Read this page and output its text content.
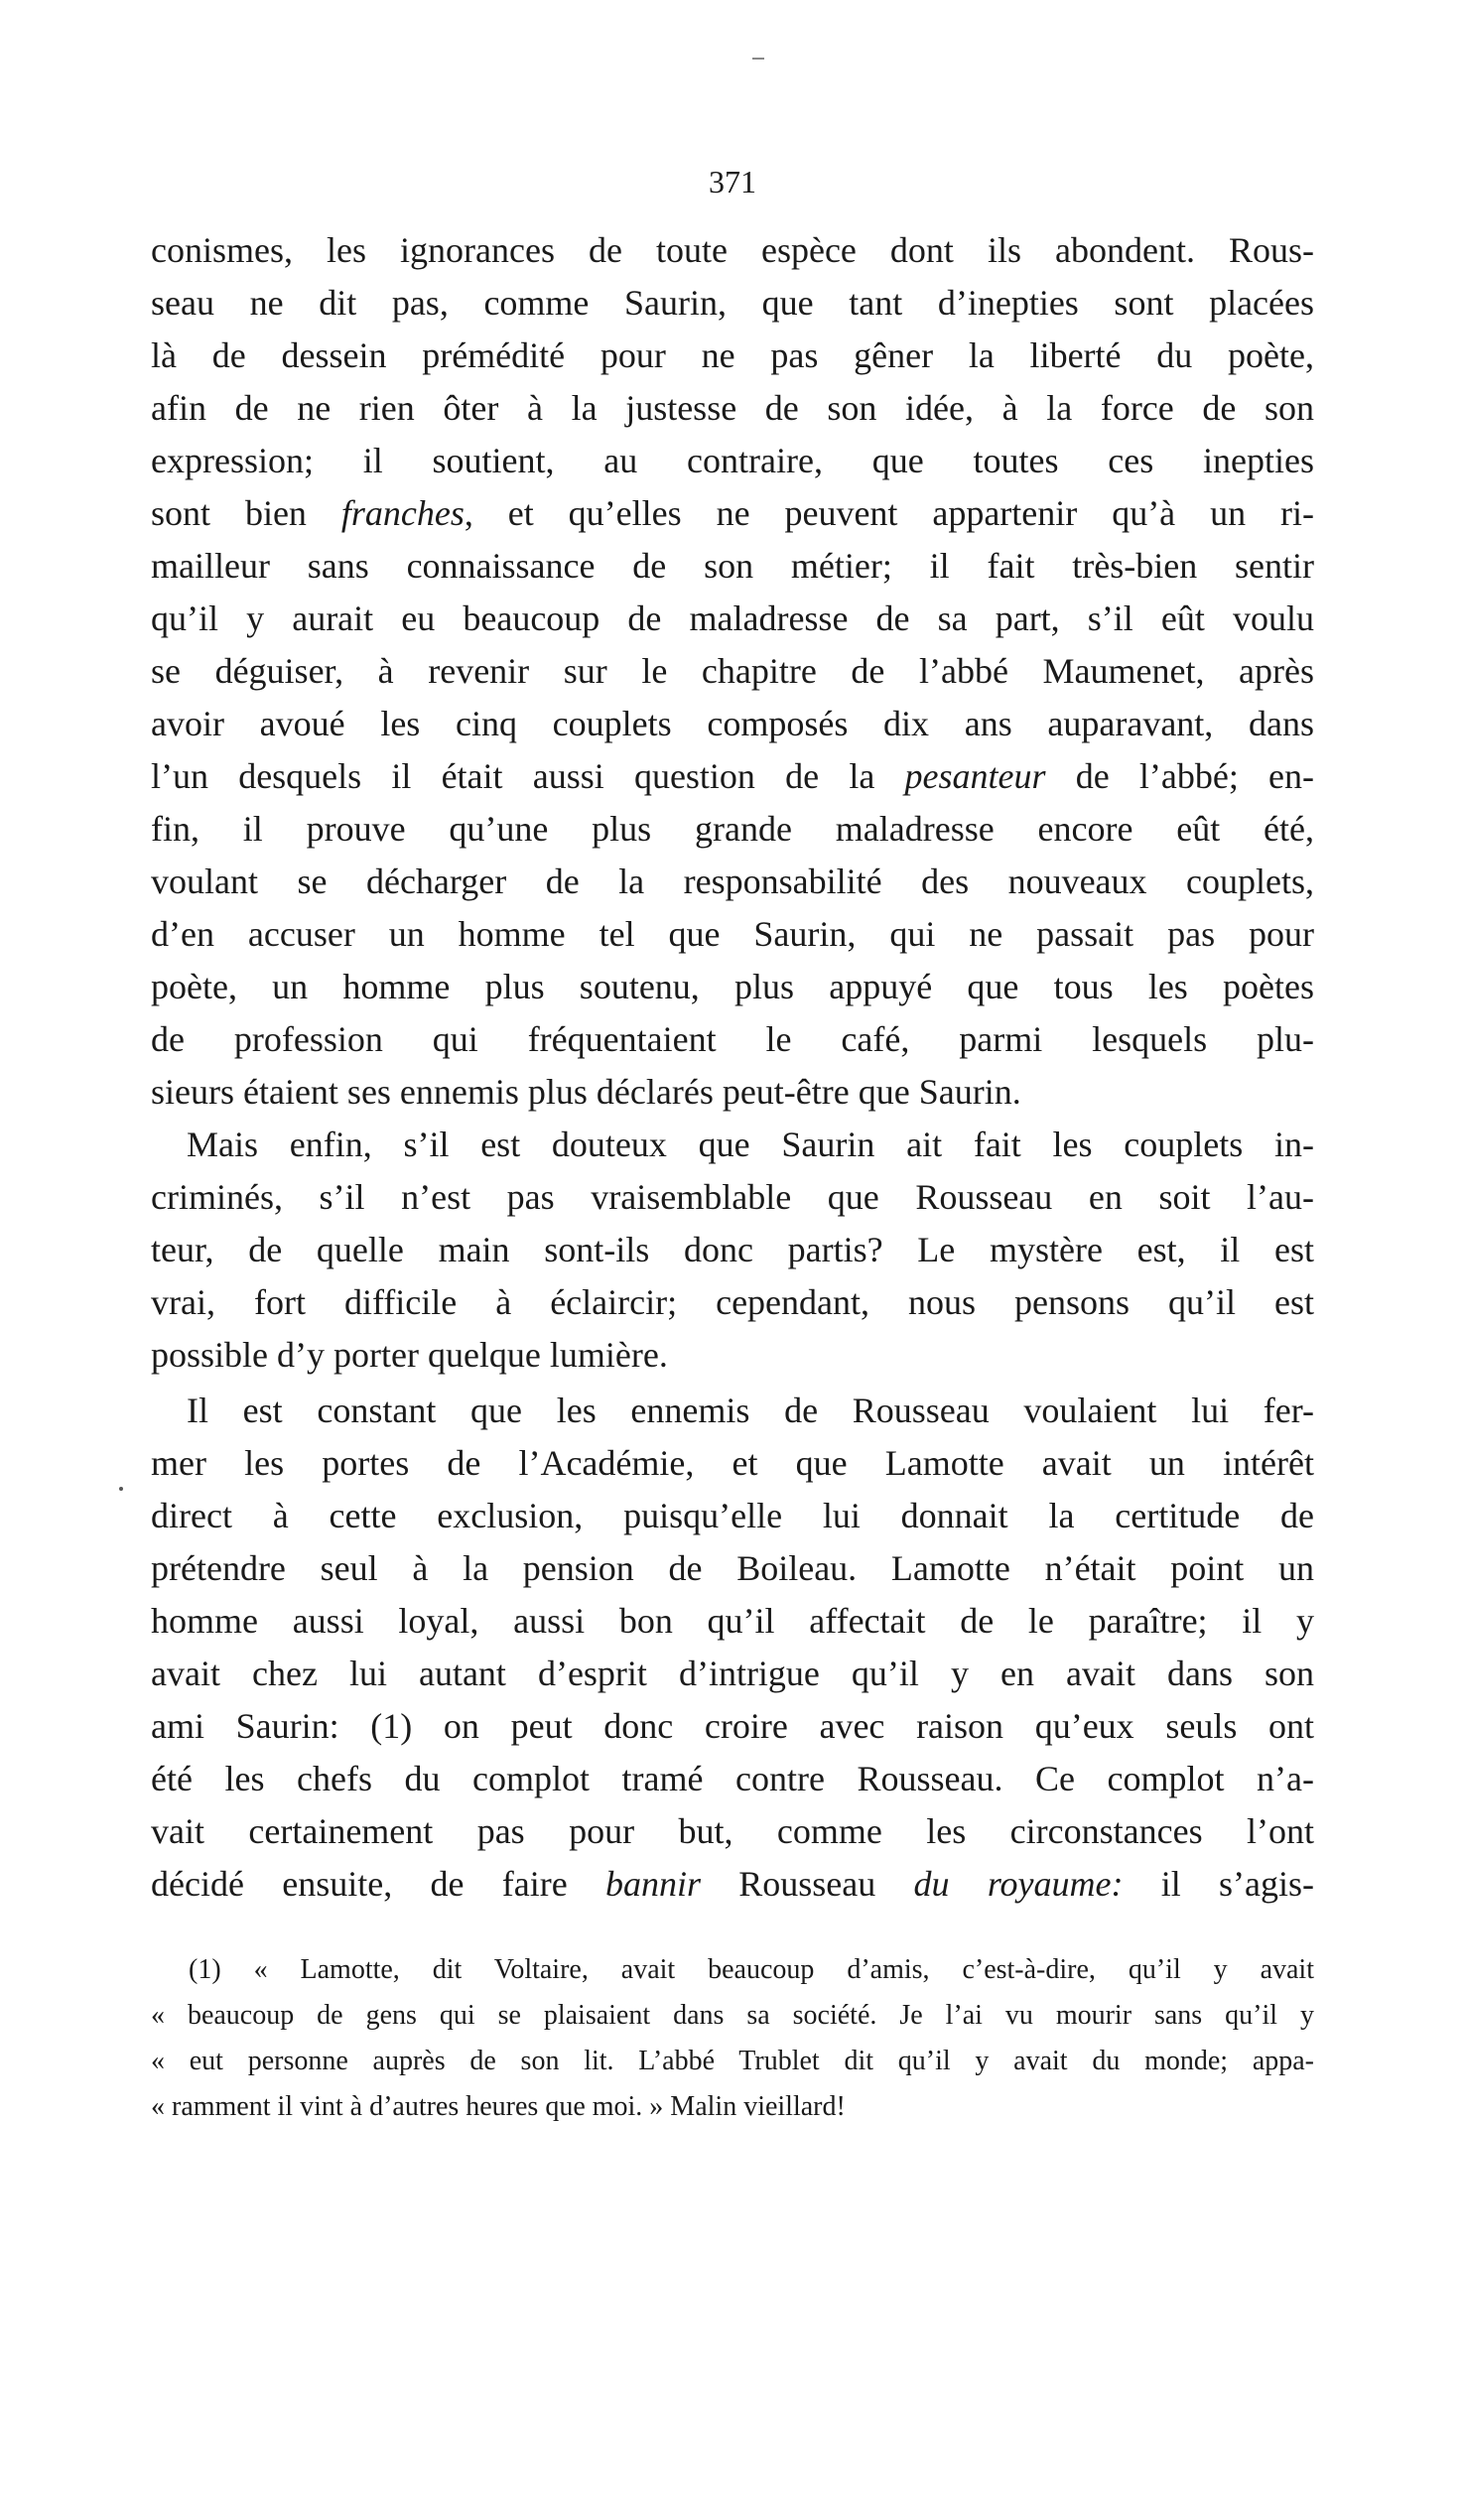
371
conismes, les ignorances de toute espèce dont ils abondent. Rous-
seau ne dit pas, comme Saurin, que tant d’inepties sont placées
là de dessein prémédité pour ne pas gêner la liberté du poète,
afin de ne rien ôter à la justesse de son idée, à la force de son
expression; il soutient, au contraire, que toutes ces inepties
sont bien franches, et qu’elles ne peuvent appartenir qu’à un ri-
mailleur sans connaissance de son métier; il fait très-bien sentir
qu’il y aurait eu beaucoup de maladresse de sa part, s’il eût voulu
se déguiser, à revenir sur le chapitre de l’abbé Maumenet, après
avoir avoué les cinq couplets composés dix ans auparavant, dans
l’un desquels il était aussi question de la pesanteur de l’abbé; en-
fin, il prouve qu’une plus grande maladresse encore eût été,
voulant se décharger de la responsabilité des nouveaux couplets,
d’en accuser un homme tel que Saurin, qui ne passait pas pour
poète, un homme plus soutenu, plus appuyé que tous les poètes
de profession qui fréquentaient le café, parmi lesquels plu-
sieurs étaient ses ennemis plus déclarés peut-être que Saurin.
Mais enfin, s’il est douteux que Saurin ait fait les couplets in-
criminés, s’il n’est pas vraisemblable que Rousseau en soit l’au-
teur, de quelle main sont-ils donc partis? Le mystère est, il est
vrai, fort difficile à éclaircir; cependant, nous pensons qu’il est
possible d’y porter quelque lumière.
Il est constant que les ennemis de Rousseau voulaient lui fer-
mer les portes de l’Académie, et que Lamotte avait un intérêt
direct à cette exclusion, puisqu’elle lui donnait la certitude de
prétendre seul à la pension de Boileau. Lamotte n’était point un
homme aussi loyal, aussi bon qu’il affectait de le paraître; il y
avait chez lui autant d’esprit d’intrigue qu’il y en avait dans son
ami Saurin: (1) on peut donc croire avec raison qu’eux seuls ont
été les chefs du complot tramé contre Rousseau. Ce complot n’a-
vait certainement pas pour but, comme les circonstances l’ont
décidé ensuite, de faire bannir Rousseau du royaume: il s’agis-
(1) « Lamotte, dit Voltaire, avait beaucoup d’amis, c’est-à-dire, qu’il y avait
« beaucoup de gens qui se plaisaient dans sa société. Je l’ai vu mourir sans qu’il y
« eut personne auprès de son lit. L’abbé Trublet dit qu’il y avait du monde; appa-
« ramment il vint à d’autres heures que moi. » Malin vieillard!
